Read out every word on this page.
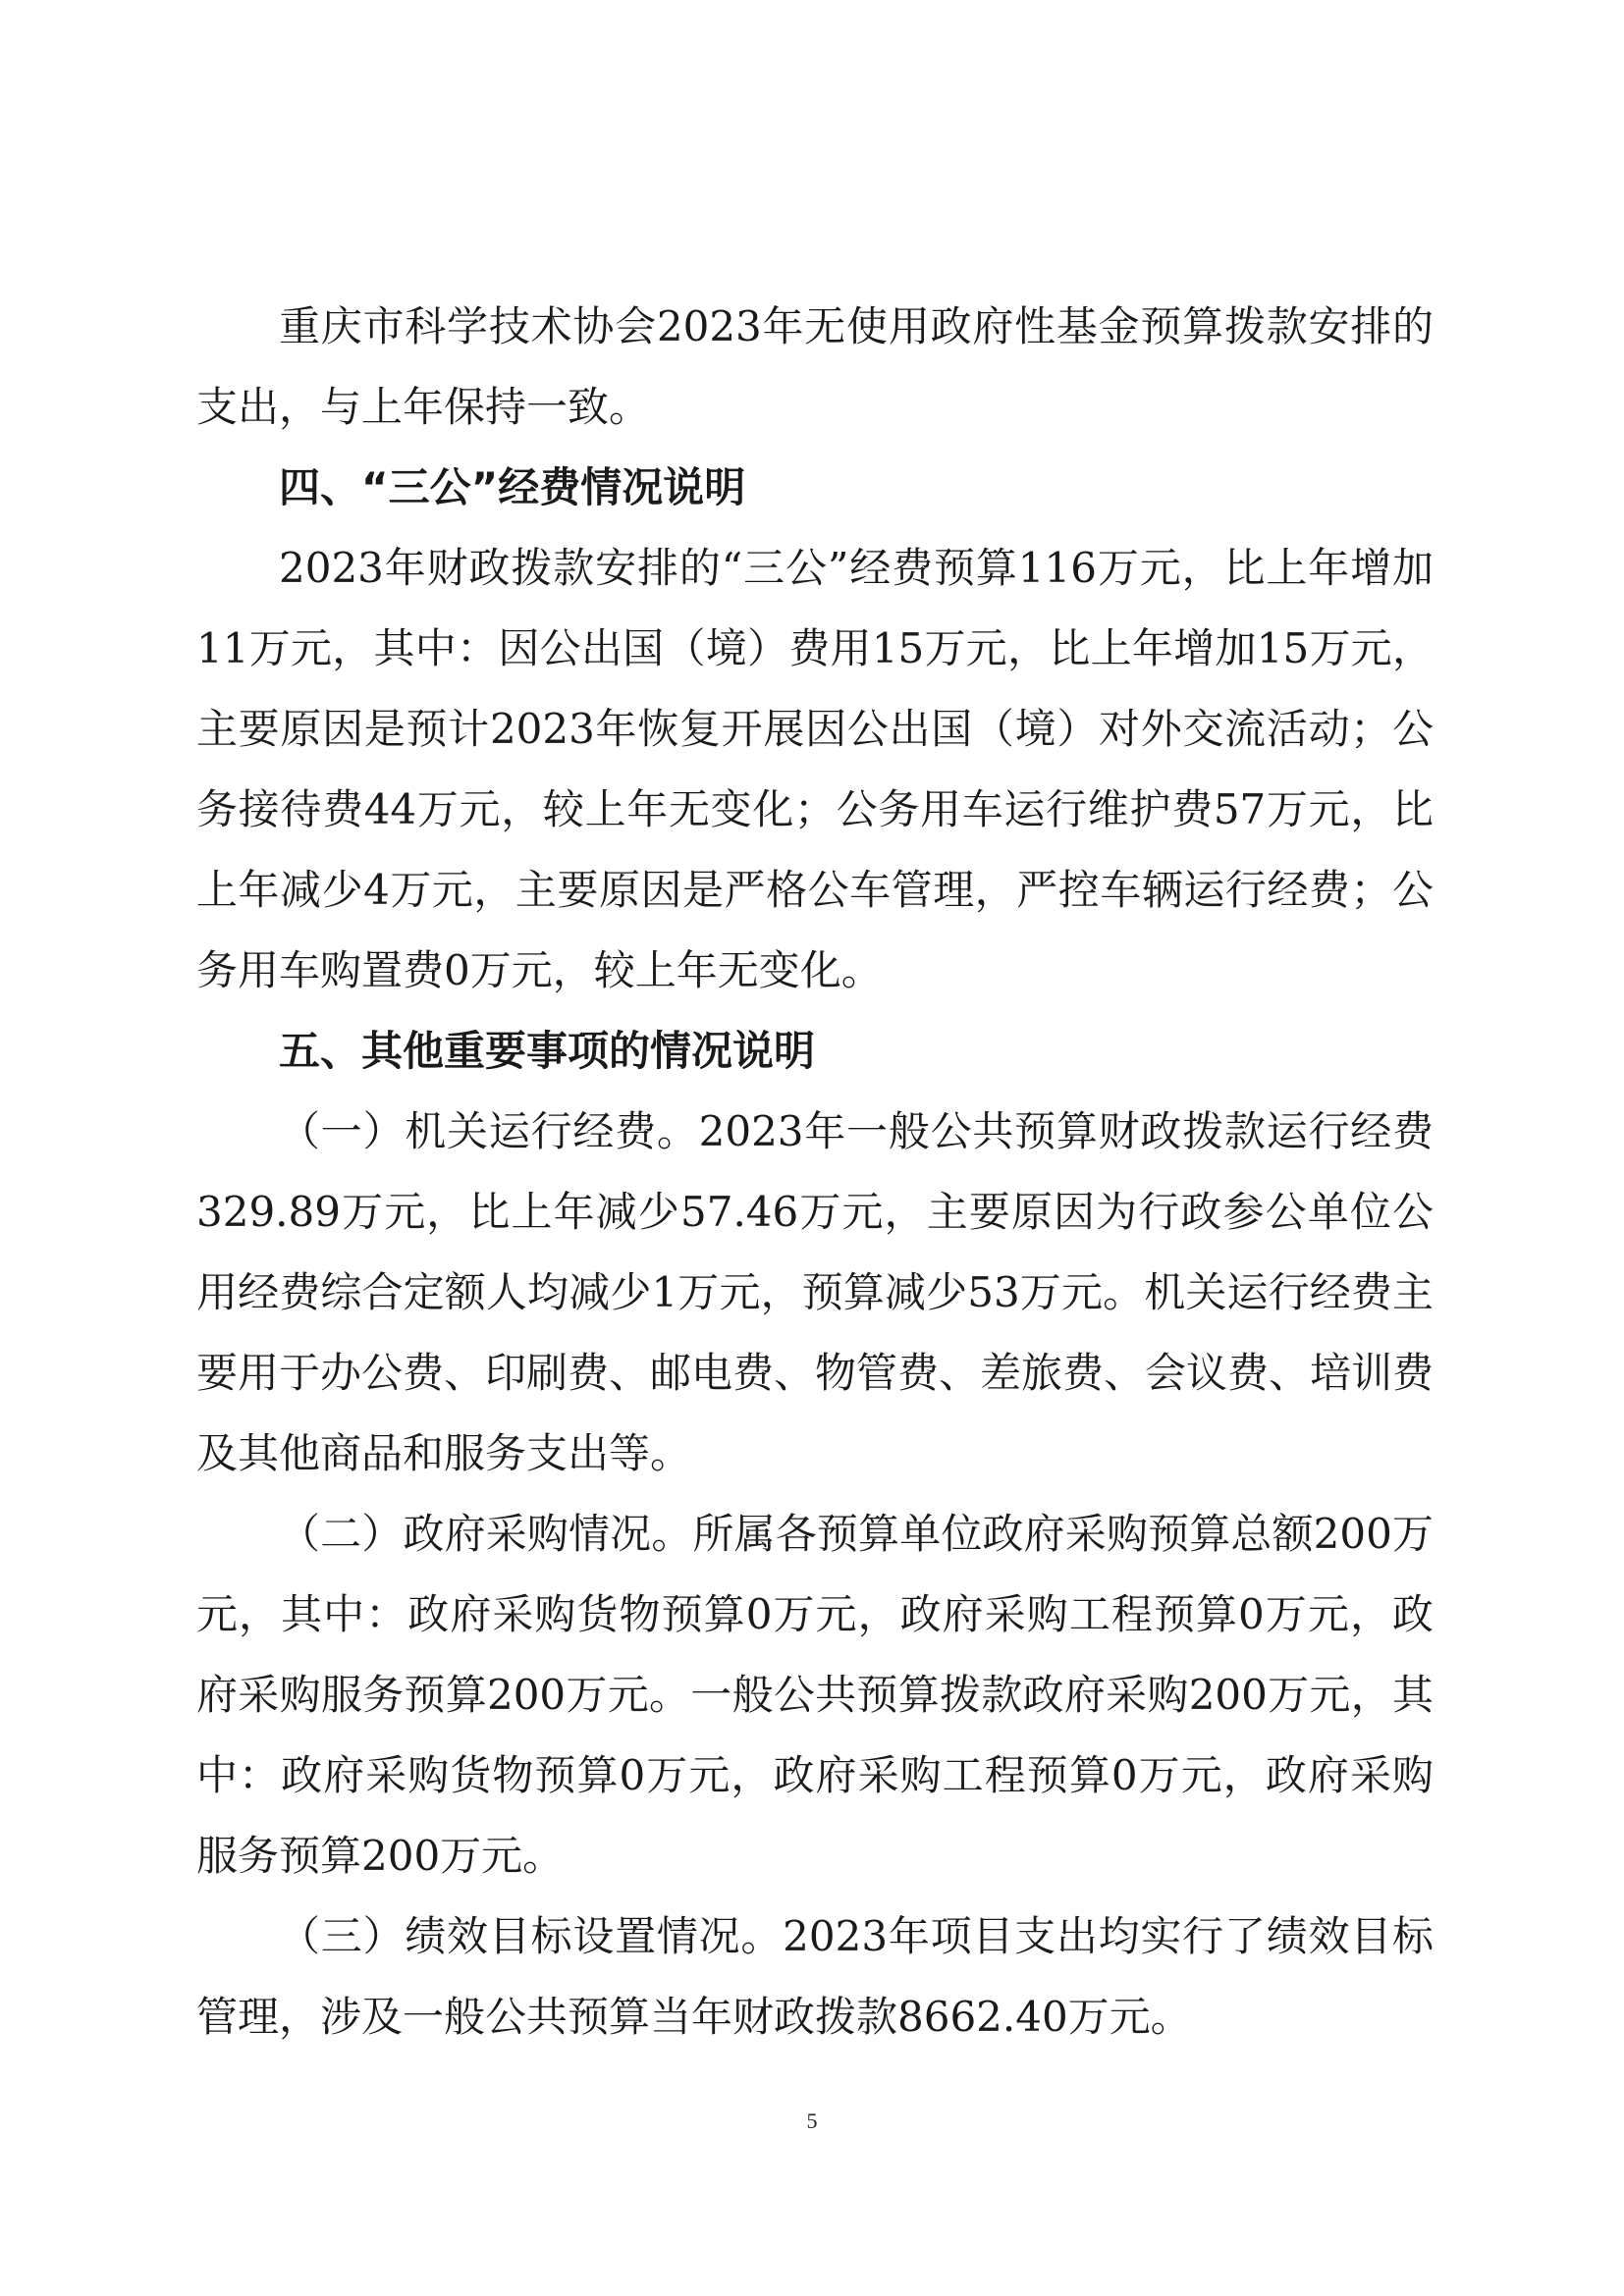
重庆市科学技术协会2023年无使用政府性基金预算拨款安排的支出，与上年保持一致。

四、“三公”经费情况说明

2023年财政拨款安排的“三公”经费预算116万元，比上年增加11万元，其中：因公出国（境）费用15万元，比上年增加15万元，主要原因是预计2023年恢复开展因公出国（境）对外交流活动；公务接待费44万元，较上年无变化；公务用车运行维护费57万元，比上年减少4万元，主要原因是严格公车管理，严控车辆运行经费；公务用车购置费0万元，较上年无变化。

五、其他重要事项的情况说明

（一）机关运行经费。2023年一般公共预算财政拨款运行经费329.89万元，比上年减少57.46万元，主要原因为行政参公单位公用经费综合定额人均减少1万元，预算减少53万元。机关运行经费主要用于办公费、印刷费、邮电费、物管费、差旅费、会议费、培训费及其他商品和服务支出等。

（二）政府采购情况。所属各预算单位政府采购预算总额200万元，其中：政府采购货物预算0万元，政府采购工程预算0万元，政府采购服务预算200万元。一般公共预算拨款政府采购200万元，其中：政府采购货物预算0万元，政府采购工程预算0万元，政府采购服务预算200万元。

（三）绩效目标设置情况。2023年项目支出均实行了绩效目标管理，涉及一般公共预算当年财政拨款8662.40万元。

5
